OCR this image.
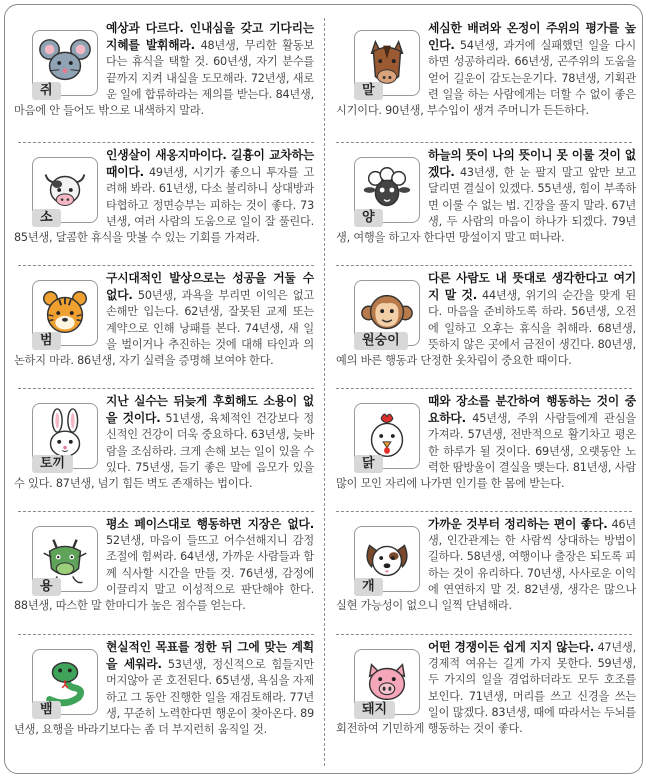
쥐

예상과 다르다. 인내심을 갖고 기다리는 지혜를 발휘해라. 48년생, 무리한 활동보다는 휴식을 택할 것. 60년생, 자기 분수를 끝까지 지켜 내실을 도모해라. 72년생, 새로운 일에 합류하라는 제의를 받는다. 84년생, 마음에 안 들어도 밖으로 내색하지 말라.

말

세심한 배려와 온정이 주위의 평가를 높인다. 54년생, 과거에 실패했던 일을 다시 하면 성공하리라. 66년생, 곤주위의 도움을 얻어 길운이 감도는운기다. 78년생, 기획관련 일을 하는 사람에게는 더할 수 없이 좋은 시기이다. 90년생, 부수입이 생겨 주머니가 든든하다.

소

인생살이 새옹지마이다. 길흉이 교차하는 때이다. 49년생, 시기가 좋으니 투자를 고려해 봐라. 61년생, 다소 불리하니 상대방과 타협하고 정면승부는 피하는 것이 좋다. 73년생, 여러 사람의 도움으로 일이 잘 풀린다. 85년생, 달콤한 휴식을 맛볼 수 있는 기회를 가져라.

양

하늘의 뜻이 나의 뜻이니 못 이룰 것이 없겠다. 43년생, 한 눈 팔지 말고 앞만 보고 달리면 결실이 있겠다. 55년생, 힘이 부족하면 이룰 수 없는 법. 긴장을 풀지 말라. 67년생, 두 사람의 마음이 하나가 되겠다. 79년생, 여행을 하고자 한다면 망설이지 말고 떠나라.

범

구시대적인 발상으로는 성공을 거둘 수 없다. 50년생, 과욕을 부리면 이익은 없고 손해만 입는다. 62년생, 잘못된 교제 또는 계약으로 인해 낭패를 본다. 74년생, 새 일을 벌이거나 추진하는 것에 대해 타인과 의논하지 마라. 86년생, 자기 실력을 증명해 보여야 한다.

원숭이

다른 사람도 내 뜻대로 생각한다고 여기지 말 것. 44년생, 위기의 순간을 맞게 된다. 마음을 준비하도록 하라. 56년생, 오전에 일하고 오후는 휴식을 취해라. 68년생, 뜻하지 않은 곳에서 금전이 생긴다. 80년생, 예의 바른 행동과 단정한 옷차림이 중요한 때이다.

토끼

지난 실수는 뒤늦게 후회해도 소용이 없을 것이다. 51년생, 육체적인 건강보다 정신적인 건강이 더욱 중요하다. 63년생, 늦바람을 조심하라. 크게 손해 보는 일이 있을 수 있다. 75년생, 듣기 좋은 말에 음모가 있을 수 있다. 87년생, 넘기 힘든 벽도 존재하는 법이다.

닭

때와 장소를 분간하여 행동하는 것이 중요하다. 45년생, 주위 사람들에게 관심을 가져라. 57년생, 전반적으로 활기차고 평온한 하루가 될 것이다. 69년생, 오랫동안 노력한 땀방울이 결실을 맺는다. 81년생, 사람 많이 모인 자리에 나가면 인기를 한 몸에 받는다.

용

평소 페이스대로 행동하면 지장은 없다. 52년생, 마음이 들뜨고 어수선해지니 감정 조절에 힘써라. 64년생, 가까운 사람들과 함께 식사할 시간을 만들 것. 76년생, 감정에 이끌리지 말고 이성적으로 판단해야 한다. 88년생, 따스한 말 한마디가 높은 점수를 얻는다.

개

가까운 것부터 정리하는 편이 좋다. 46년생, 인간관계는 한 사람씩 상대하는 방법이 길하다. 58년생, 여행이나 출장은 되도록 피하는 것이 유리하다. 70년생, 사사로운 이익에 연연하지 말 것. 82년생, 생각은 많으나 실현 가능성이 없으니 일찍 단념해라.

뱀

현실적인 목표를 정한 뒤 그에 맞는 계획을 세워라. 53년생, 정신적으로 힘들지만 머지않아 곧 호전된다. 65년생, 욕심을 자제하고 그 동안 진행한 일을 재검토해라. 77년생, 꾸준히 노력한다면 행운이 찾아온다. 89년생, 요행을 바라기보다는 좀 더 부지런히 움직일 것.

돼지

어떤 경쟁이든 쉽게 지지 않는다. 47년생, 경제적 여유는 길게 가지 못한다. 59년생, 두 가지의 일을 겸업하더라도 모두 호조를 보인다. 71년생, 머리를 쓰고 신경을 쓰는 일이 많겠다. 83년생, 때에 따라서는 두뇌를 회전하여 기민하게 행동하는 것이 좋다.
